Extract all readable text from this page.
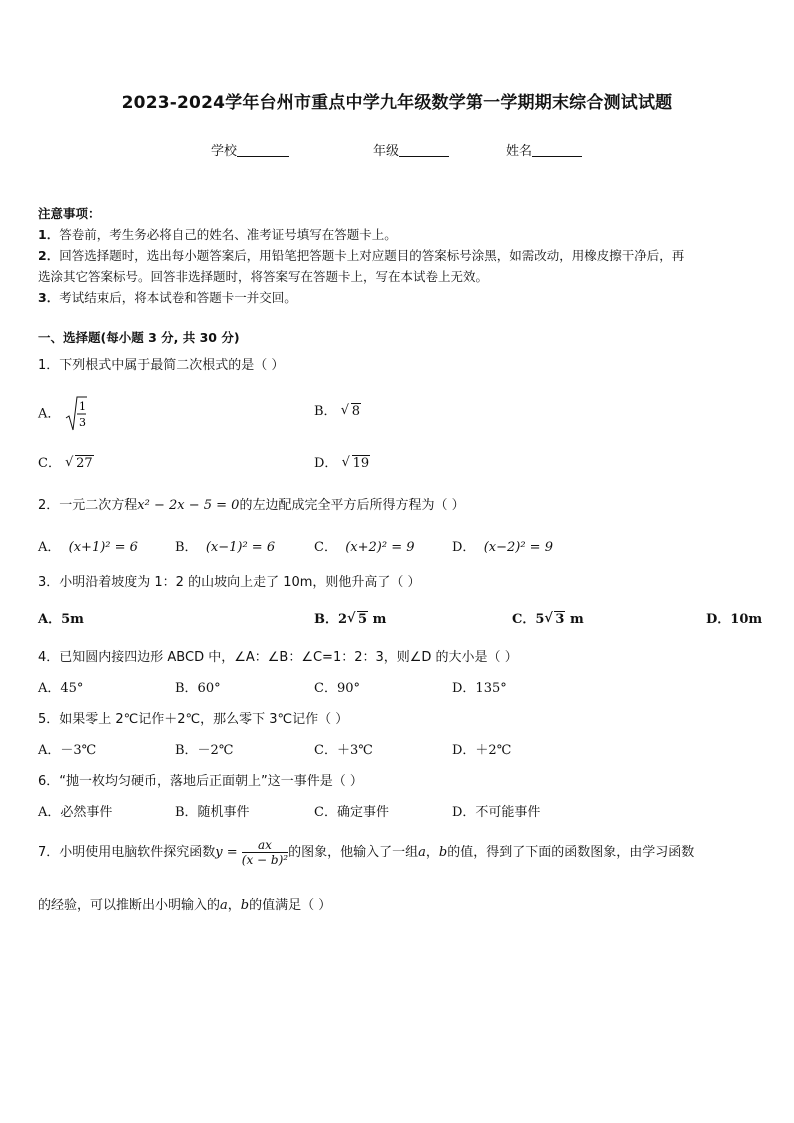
2023-2024学年台州市重点中学九年级数学第一学期期末综合测试试题
学校	年级	姓名
注意事项：
1．答卷前，考生务必将自己的姓名、准考证号填写在答题卡上。
2．回答选择题时，选出每小题答案后，用铅笔把答题卡上对应题目的答案标号涂黑，如需改动，用橡皮擦干净后，再
选涂其它答案标号。回答非选择题时，将答案写在答题卡上，写在本试卷上无效。
3．考试结束后，将本试卷和答题卡一并交回。
一、选择题(每小题 3 分, 共 30 分)
1．下列根式中属于最简二次根式的是（ ）
A． 1
3
B． √ 8
C． √ 27	D． √ 19
2．一元二次方程x² − 2x − 5 = 0的左边配成完全平方后所得方程为（ ）
A． (x+1)² = 6	B． (x−1)² = 6	C． (x+2)² = 9	D． (x−2)² = 9
3．小明沿着坡度为 1：2 的山坡向上走了 10m，则他升高了（ ）
A．5m	B．2 √ 5 m	C．5 √ 3 m	D．10m
4．已知圆内接四边形 ABCD 中，∠A：∠B：∠C=1：2：3，则∠D 的大小是（ ）
A．45°	B．60°	C．90°	D．135°
5．如果零上 2℃记作＋2℃，那么零下 3℃记作（ ）
A．－3℃	B．－2℃	C．＋3℃	D．＋2℃
6．“抛一枚均匀硬币，落地后正面朝上”这一事件是（ ）
A．必然事件	B．随机事件	C．确定事件	D．不可能事件
7．小明使用电脑软件探究函数$y = \frac{ax}{\text{(x − b)²}}$ 的图象，他输入了一组a，b的值，得到了下面的函数图象，由学习函数
的经验，可以推断出小明输入的a，b的值满足（ ）
